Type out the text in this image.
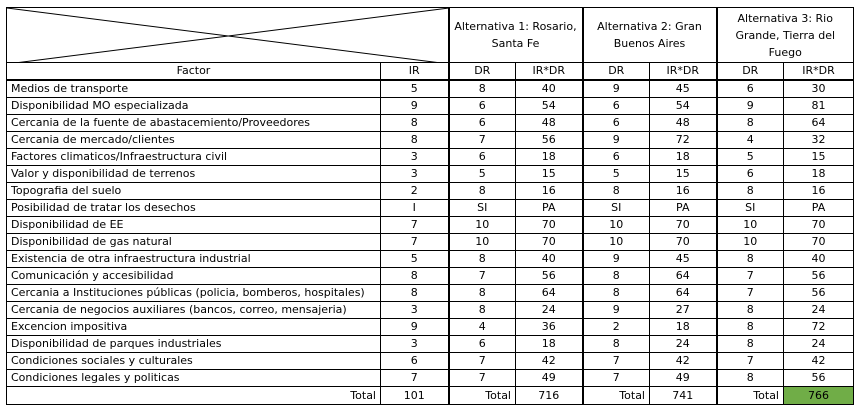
	Alternativa 1: Rosario, Santa Fe		Alternativa 2: Gran Buenos Aires		Alternativa 3: Rio Grande, Tierra del Fuego	
Factor	IR	DR	IR*DR	DR	IR*DR	DR	IR*DR
Medios de transporte	5	8	40	9	45	6	30
Disponibilidad MO especializada	9	6	54	6	54	9	81
Cercania de la fuente de abastacemiento/Proveedores	8	6	48	6	48	8	64
Cercania de mercado/clientes	8	7	56	9	72	4	32
Factores climaticos/Infraestructura civil	3	6	18	6	18	5	15
Valor y disponibilidad de terrenos	3	5	15	5	15	6	18
Topografia del suelo	2	8	16	8	16	8	16
Posibilidad de tratar los desechos	I	SI	PA	SI	PA	SI	PA
Disponibilidad de EE	7	10	70	10	70	10	70
Disponibilidad de gas natural	7	10	70	10	70	10	70
Existencia de otra infraestructura industrial	5	8	40	9	45	8	40
Comunicación y accesibilidad	8	7	56	8	64	7	56
Cercania a Instituciones públicas (policia, bomberos, hospitales)	8	8	64	8	64	7	56
Cercania de negocios auxiliares (bancos, correo, mensajeria)	3	8	24	9	27	8	24
Excencion impositiva	9	4	36	2	18	8	72
Disponibilidad de parques industriales	3	6	18	8	24	8	24
Condiciones sociales y culturales	6	7	42	7	42	7	42
Condiciones legales y politicas	7	7	49	7	49	8	56
Total	101	Total	716	Total	741	Total	766
